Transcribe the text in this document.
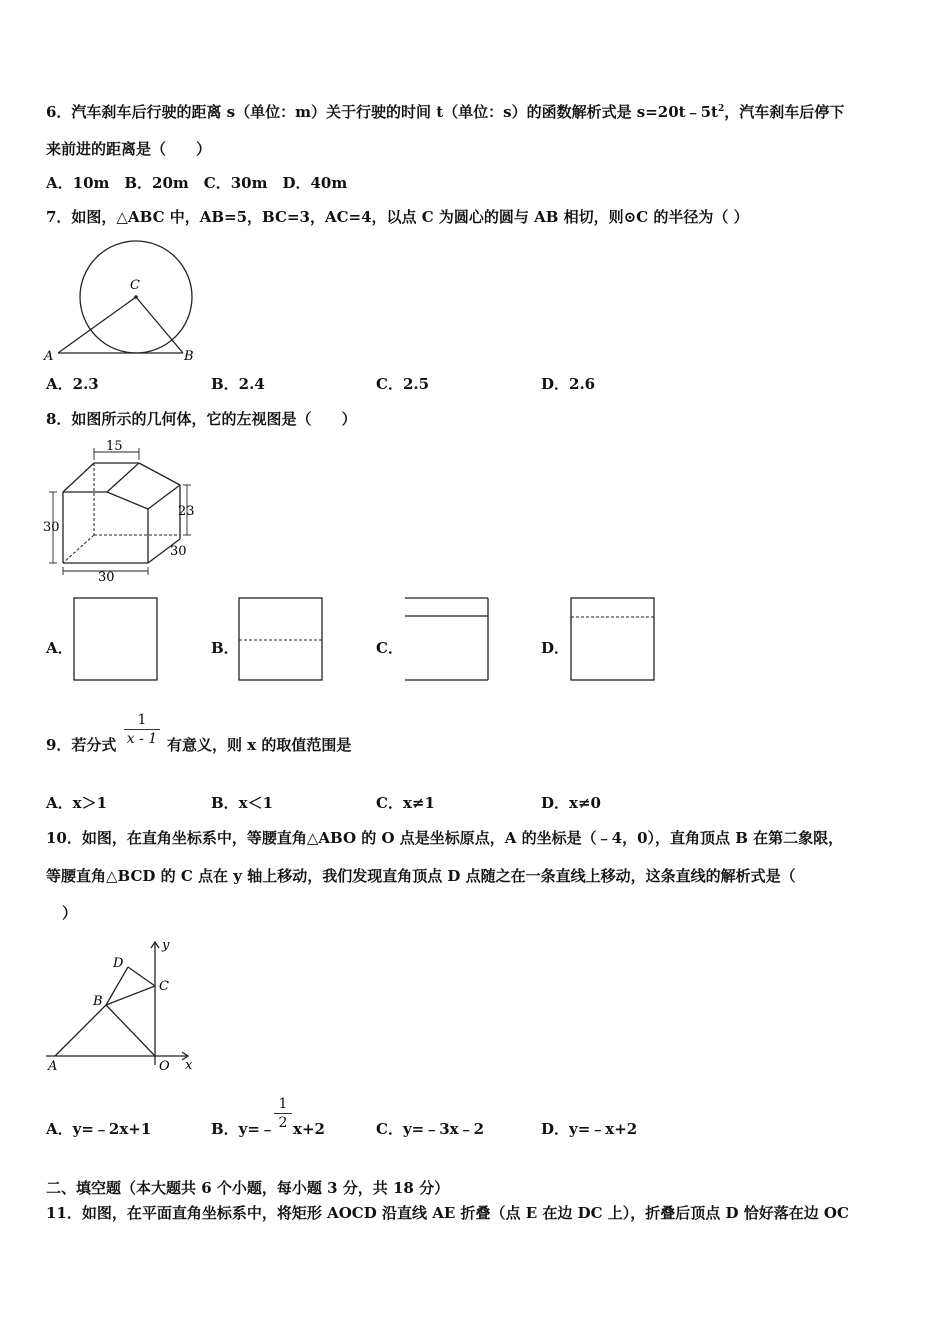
6．汽车刹车后行驶的距离 s（单位：m）关于行驶的时间 t（单位：s）的函数解析式是 $s=20t﹣5t^2$，汽车刹车后停下
来前进的距离是（　　）
A．10m　B．20m　C．30m　D．40m
7．如图，△ABC 中，AB=5，BC=3，AC=4，以点 C 为圆心的圆与 AB 相切，则⊙C 的半径为（ ）
C
A	B
A．2.3	B．2.4	C．2.5	D．2.6
8．如图所示的几何体，它的左视图是（　　）
15
23
30
30
30
A．	B．	C．	D．
9．若分式
1
x - 1 有意义，则 x 的取值范围是
A．x＞1	B．x＜1	C．x≠1	D．x≠0
10．如图，在直角坐标系中，等腰直角△ABO 的 O 点是坐标原点，A 的坐标是（﹣4，0），直角顶点 B 在第二象限，
等腰直角△BCD 的 C 点在 y 轴上移动，我们发现直角顶点 D 点随之在一条直线上移动，这条直线的解析式是（
）
D
y
C
B
A	O x
A．y=﹣2x+1	B．y=﹣
1
2 x+2	C．y=﹣3x﹣2	D．y=﹣x+2
二、填空题（本大题共 6 个小题，每小题 3 分，共 18 分）
11．如图，在平面直角坐标系中，将矩形 AOCD 沿直线 AE 折叠（点 E 在边 DC 上），折叠后顶点 D 恰好落在边 OC
